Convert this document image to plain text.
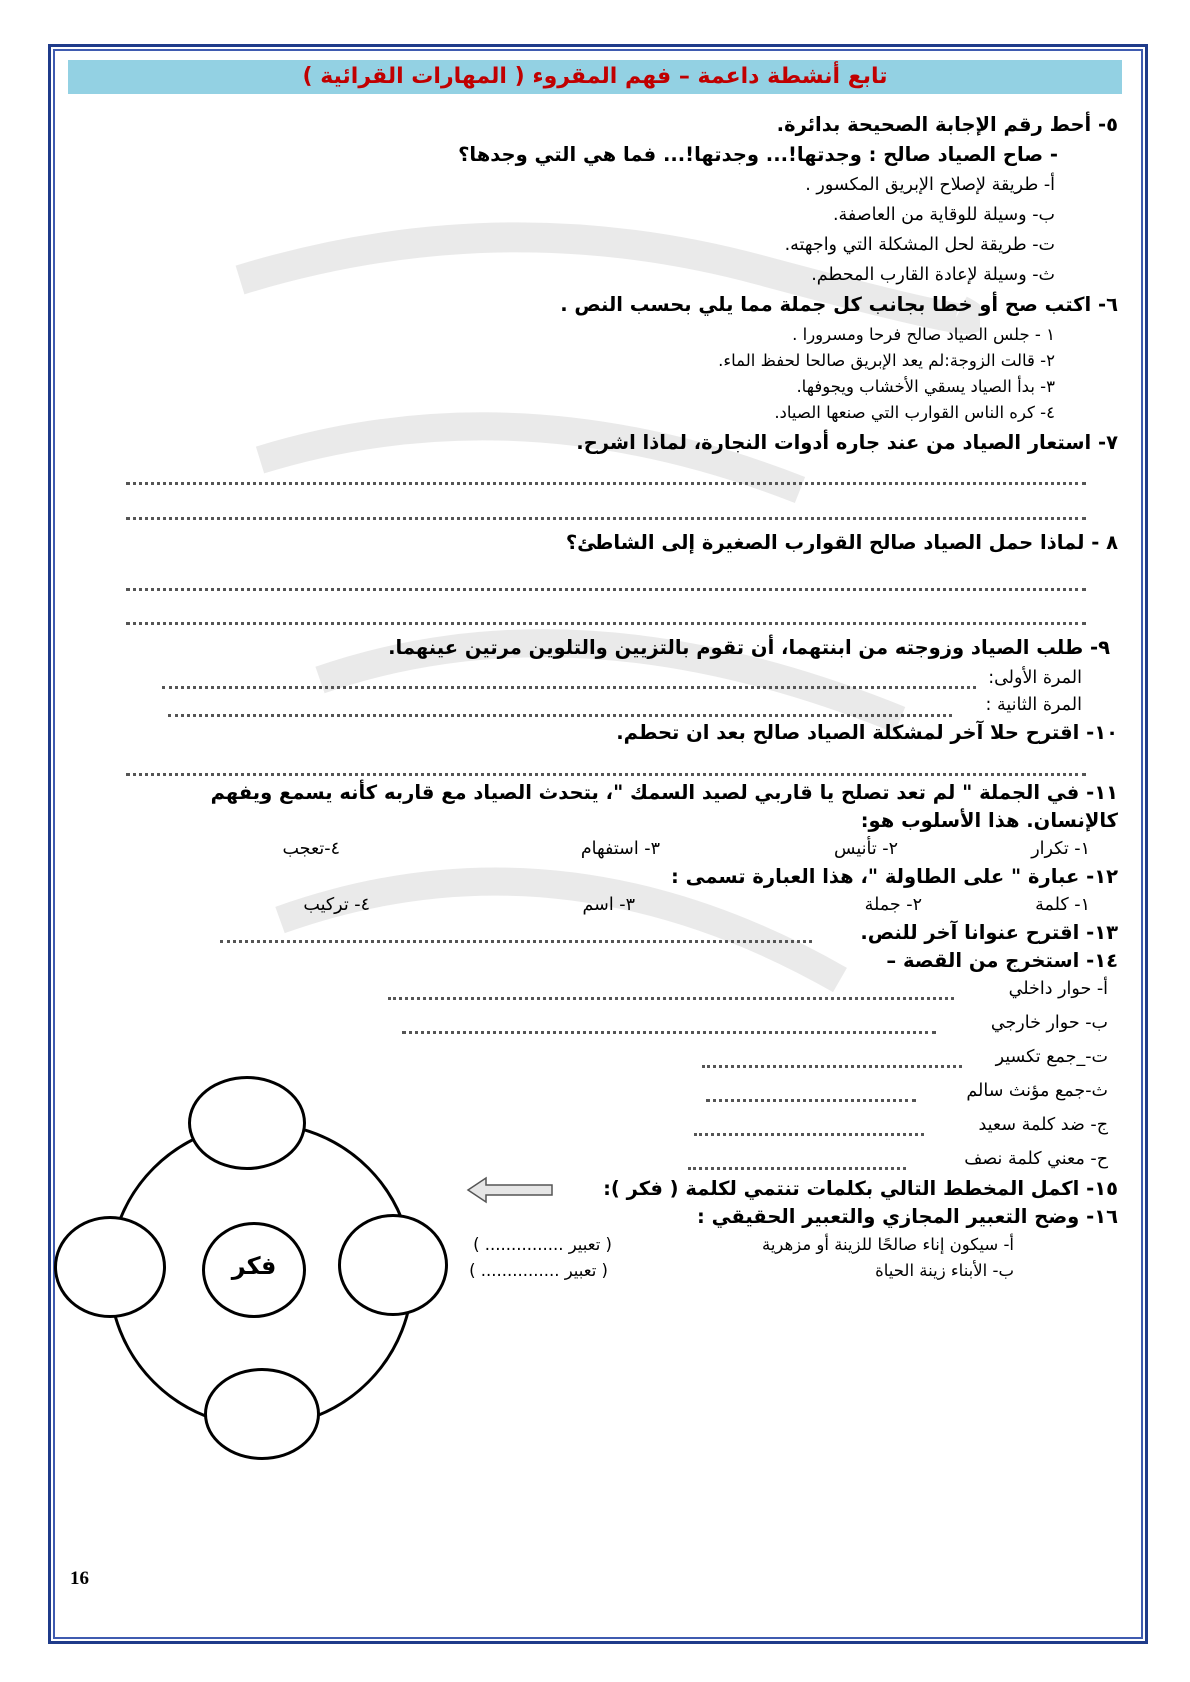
تابع أنشطة داعمة – فهم المقروء ( المهارات القرائية )
٥- أحط رقم الإجابة الصحيحة بدائرة.
- صاح الصياد صالح : وجدتها!... وجدتها!... فما هي التي وجدها؟
أ- طريقة لإصلاح الإبريق المكسور .
ب- وسيلة للوقاية من العاصفة.
ت- طريقة لحل المشكلة التي واجهته.
ث- وسيلة لإعادة القارب المحطم.
٦- اكتب صح أو خطا بجانب كل جملة مما يلي بحسب النص .
١ - جلس الصياد صالح فرحا ومسرورا .
٢- قالت الزوجة:لم يعد الإبريق صالحا لحفظ الماء.
٣- بدأ الصياد يسقي الأخشاب ويجوفها.
٤- كره الناس القوارب التي صنعها الصياد.
٧- استعار الصياد من عند جاره أدوات النجارة، لماذا اشرح.
٨ - لماذا حمل الصياد صالح القوارب الصغيرة إلى الشاطئ؟
٩- طلب الصياد وزوجته من ابنتهما، أن تقوم بالتزيين والتلوين مرتين عينهما.
المرة الأولى:
المرة الثانية :
١٠- اقترح حلا آخر لمشكلة الصياد صالح بعد ان تحطم.
١١- في الجملة " لم تعد تصلح يا قاربي لصيد السمك "، يتحدث الصياد مع قاربه كأنه يسمع ويفهم
كالإنسان. هذا الأسلوب هو:
١- تكرار
٢- تأنيس
٣- استفهام
٤-تعجب
١٢- عبارة " على الطاولة "، هذا العبارة تسمى :
١- كلمة
٢- جملة
٣- اسم
٤- تركيب
١٣- اقترح عنوانا آخر للنص.
١٤- استخرج من القصة –
أ- حوار داخلي
ب- حوار خارجي
ت-_جمع تكسير
ث-جمع مؤنث سالم
ج- ضد كلمة سعيد
ح- معني كلمة نصف
١٥- اكمل المخطط التالي بكلمات تنتمي لكلمة ( فكر ):
فكر
١٦- وضح التعبير المجازي والتعبير الحقيقي :
أ- سيكون إناء صالحًا للزينة أو مزهرية
( تعبير ............... )
ب- الأبناء زينة الحياة
( تعبير ............... )
16
